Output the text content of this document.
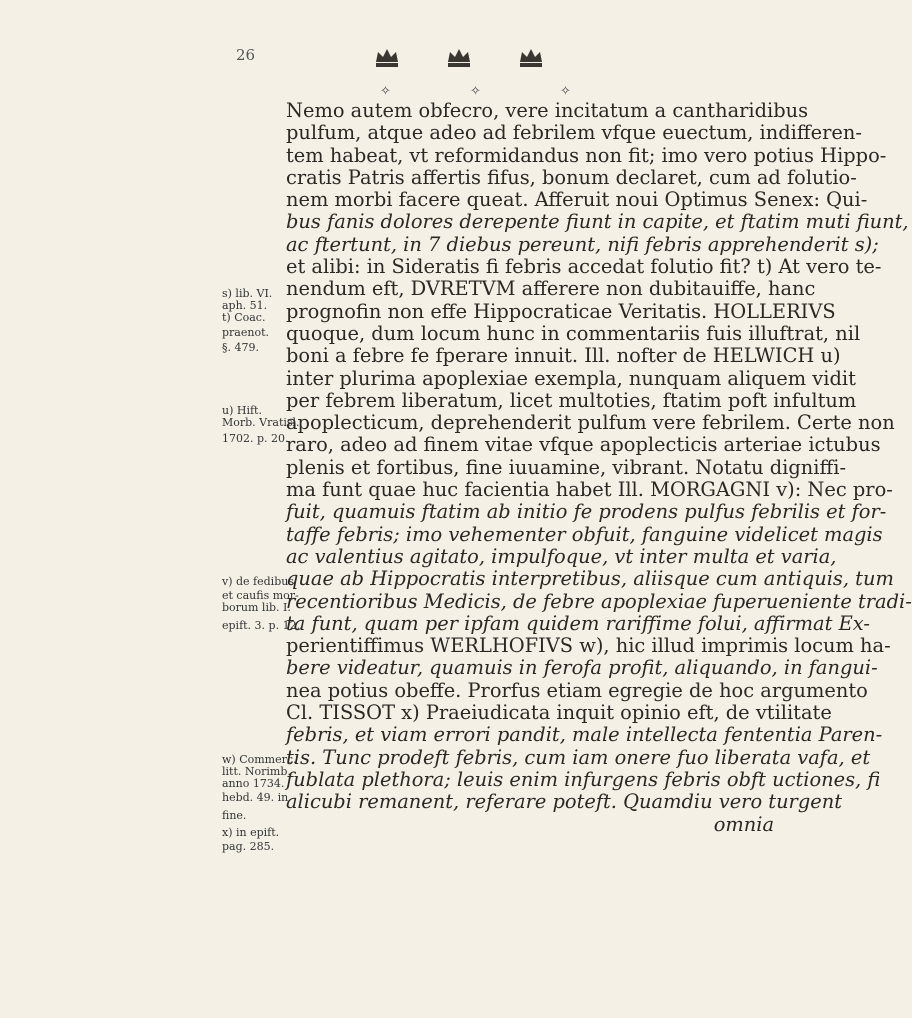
26
✧	✧	✧
s) lib. VI.
aph. 51.
t) Coac.
praenot.
§. 479.
u) Hift.
Morb. Vratisl.
1702. p. 20.
v) de fedibus
et caufis mor-
borum lib. I.
epift. 3. p. 12.
w) Commerc.
litt. Norimb.
anno 1734.
hebd. 49. in
fine.
x) in epift.
pag. 285.
Nemo autem obfecro, vere incitatum a cantharidibus
pulfum, atque adeo ad febrilem vfque euectum, indifferen-
tem habeat, vt reformidandus non fit; imo vero potius Hippo-
cratis Patris affertis fifus, bonum declaret, cum ad folutio-
nem morbi facere queat. Afferuit noui Optimus Senex: Qui-
bus fanis dolores derepente fiunt in capite, et ftatim muti fiunt,
ac ftertunt, in 7 diebus pereunt, nifi febris apprehenderit s);
et alibi: in Sideratis fi febris accedat folutio fit? t) At vero te-
nendum eft, DVRETVM afferere non dubitauiffe, hanc
prognofin non effe Hippocraticae Veritatis. HOLLERIVS
quoque, dum locum hunc in commentariis fuis illuftrat, nil
boni a febre fe fperare innuit. Ill. nofter de HELWICH u)
inter plurima apoplexiae exempla, nunquam aliquem vidit
per febrem liberatum, licet multoties, ftatim poft infultum
apoplecticum, deprehenderit pulfum vere febrilem. Certe non
raro, adeo ad finem vitae vfque apoplecticis arteriae ictubus
plenis et fortibus, fine iuuamine, vibrant. Notatu digniffi-
ma funt quae huc facientia habet Ill. MORGAGNI v): Nec pro-
fuit, quamuis ftatim ab initio fe prodens pulfus febrilis et for-
taffe febris; imo vehementer obfuit, fanguine videlicet magis
ac valentius agitato, impulfoque, vt inter multa et varia,
quae ab Hippocratis interpretibus, aliisque cum antiquis, tum
recentioribus Medicis, de febre apoplexiae fuperueniente tradi-
ta funt, quam per ipfam quidem rariffime folui, affirmat Ex-
perientiffimus WERLHOFIVS w), hic illud imprimis locum ha-
bere videatur, quamuis in ferofa profit, aliquando, in fangui-
nea potius obeffe. Prorfus etiam egregie de hoc argumento
Cl. TISSOT x) Praeiudicata inquit opinio eft, de vtilitate
febris, et viam errori pandit, male intellecta fententia Paren-
tis. Tunc prodeft febris, cum iam onere fuo liberata vafa, et
fublata plethora; leuis enim infurgens febris obft uctiones, fi
alicubi remanent, referare poteft. Quamdiu vero turgent
omnia
